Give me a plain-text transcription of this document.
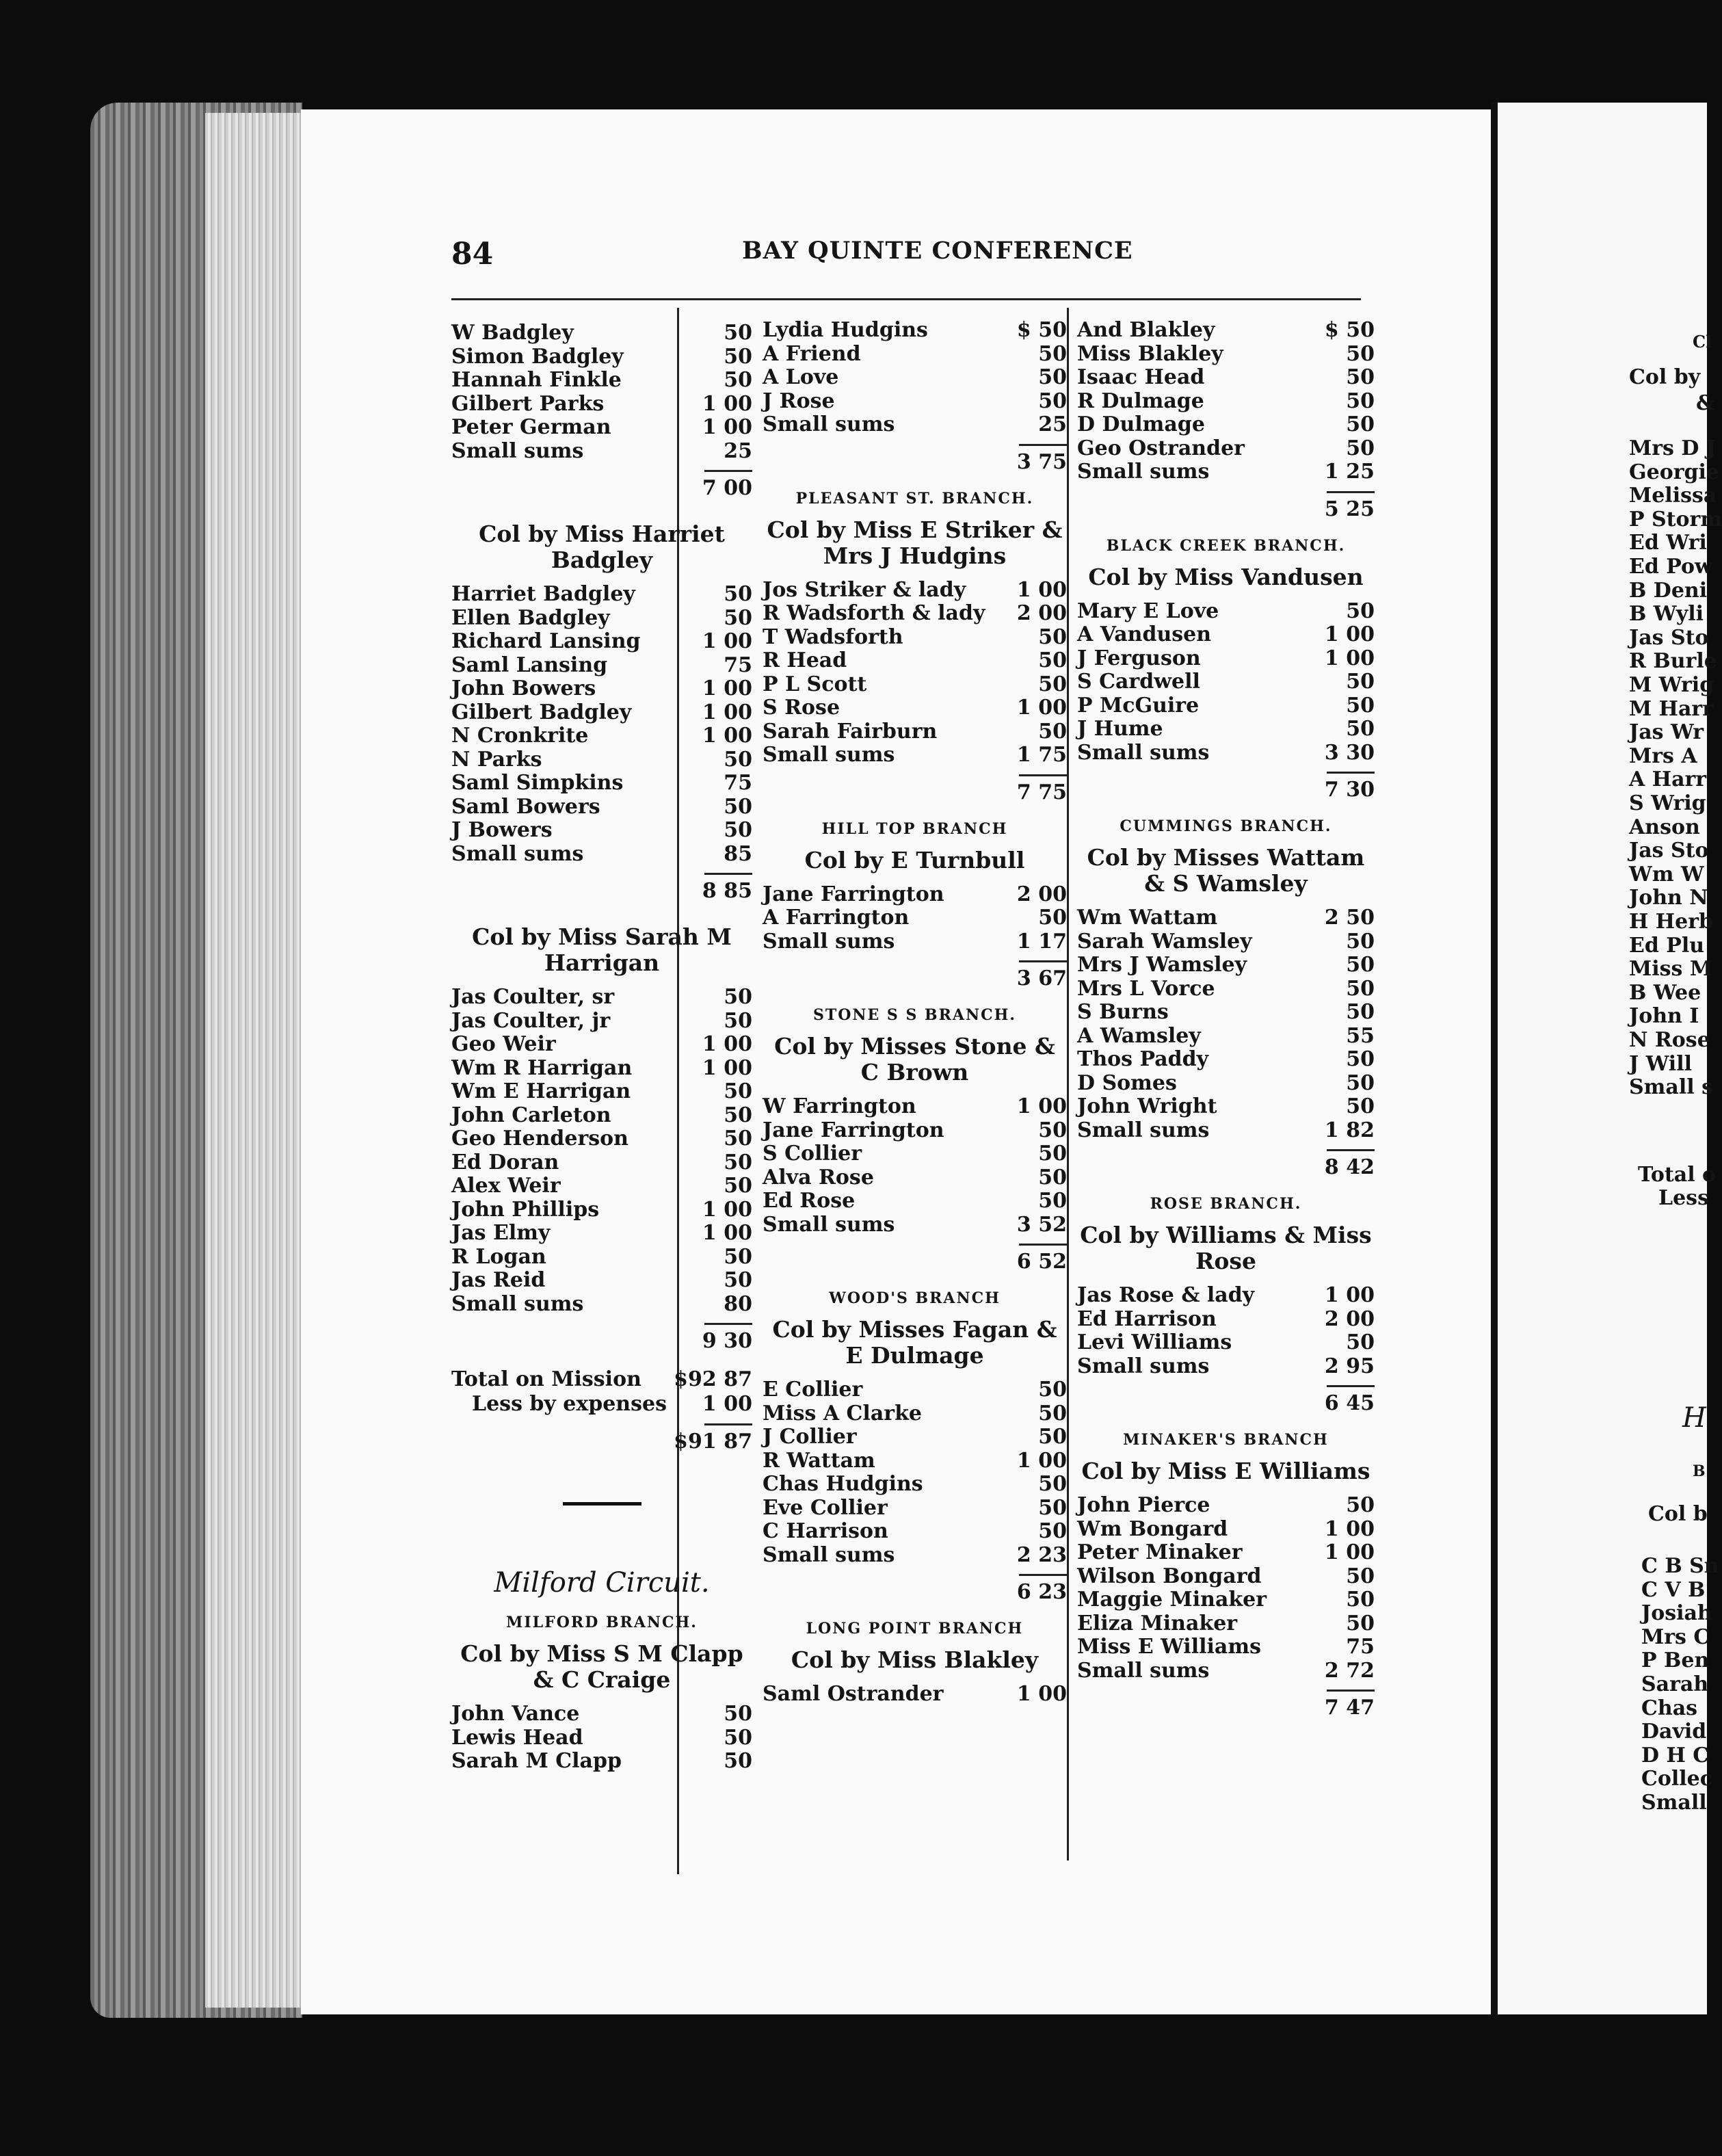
84	BAY QUINTE CONFERENCE
W Badgley	50
Simon Badgley	50
Hannah Finkle	50
Gilbert Parks	1 00
Peter German	1 00
Small sums	25
7 00
Col by Miss Harriet Badgley
Harriet Badgley	50
Ellen Badgley	50
Richard Lansing	1 00
Saml Lansing	75
John Bowers	1 00
Gilbert Badgley	1 00
N Cronkrite	1 00
N Parks	50
Saml Simpkins	75
Saml Bowers	50
J Bowers	50
Small sums	85
8 85
Col by Miss Sarah M Harrigan
Jas Coulter, sr	50
Jas Coulter, jr	50
Geo Weir	1 00
Wm R Harrigan	1 00
Wm E Harrigan	50
John Carleton	50
Geo Henderson	50
Ed Doran	50
Alex Weir	50
John Phillips	1 00
Jas Elmy	1 00
R Logan	50
Jas Reid	50
Small sums	80
9 30
Total on Mission $92 87
Less by expenses 1 00
$91 87
Milford Circuit.
MILFORD BRANCH.
Col by Miss S M Clapp & C Craige
John Vance	50
Lewis Head	50
Sarah M Clapp	50
Lydia Hudgins	$ 50
A Friend	50
A Love	50
J Rose	50
Small sums	25
3 75
PLEASANT ST. BRANCH.
Col by Miss E Striker & Mrs J Hudgins
Jos Striker & lady	1 00
R Wadsforth & lady	2 00
T Wadsforth	50
R Head	50
P L Scott	50
S Rose	1 00
Sarah Fairburn	50
Small sums	1 75
7 75
HILL TOP BRANCH
Col by E Turnbull
Jane Farrington	2 00
A Farrington	50
Small sums	1 17
3 67
STONE S S BRANCH.
Col by Misses Stone & C Brown
W Farrington	1 00
Jane Farrington	50
S Collier	50
Alva Rose	50
Ed Rose	50
Small sums	3 52
6 52
WOOD'S BRANCH
Col by Misses Fagan & E Dulmage
E Collier	50
Miss A Clarke	50
J Collier	50
R Wattam	1 00
Chas Hudgins	50
Eve Collier	50
C Harrison	50
Small sums	2 23
6 23
LONG POINT BRANCH
Col by Miss Blakley
Saml Ostrander	1 00
And Blakley	$ 50
Miss Blakley	50
Isaac Head	50
R Dulmage	50
D Dulmage	50
Geo Ostrander	50
Small sums	1 25
5 25
BLACK CREEK BRANCH.
Col by Miss Vandusen
Mary E Love	50
A Vandusen	1 00
J Ferguson	1 00
S Cardwell	50
P McGuire	50
J Hume	50
Small sums	3 30
7 30
CUMMINGS BRANCH.
Col by Misses Wattam & S Wamsley
Wm Wattam	2 50
Sarah Wamsley	50
Mrs J Wamsley	50
Mrs L Vorce	50
S Burns	50
A Wamsley	55
Thos Paddy	50
D Somes	50
John Wright	50
Small sums	1 82
8 42
ROSE BRANCH.
Col by Williams & Miss Rose
Jas Rose & lady	1 00
Ed Harrison	2 00
Levi Williams	50
Small sums	2 95
6 45
MINAKER'S BRANCH
Col by Miss E Williams
John Pierce	50
Wm Bongard	1 00
Peter Minaker	1 00
Wilson Bongard	50
Maggie Minaker	50
Eliza Minaker	50
Miss E Williams	75
Small sums	2 72
7 47
Cl
Col by
&
Mrs D J
Georgie
Melissa
P Storm
Ed Wri
Ed Pow
B Deni
B Wyli
Jas Sto
R Burle
M Wrig
M Harr
Jas Wr
Mrs A
A Harr
S Wrig
Anson
Jas Sto
Wm W
John N
H Herb
Ed Plu
Miss M
B Wee
John I
N Rose
J Will
Small s
Total o
Less
H
B
Col b
C B Sn
C V B
Josiah
Mrs C
P Ben
Sarah
Chas
David
D H C
Collec
Small
